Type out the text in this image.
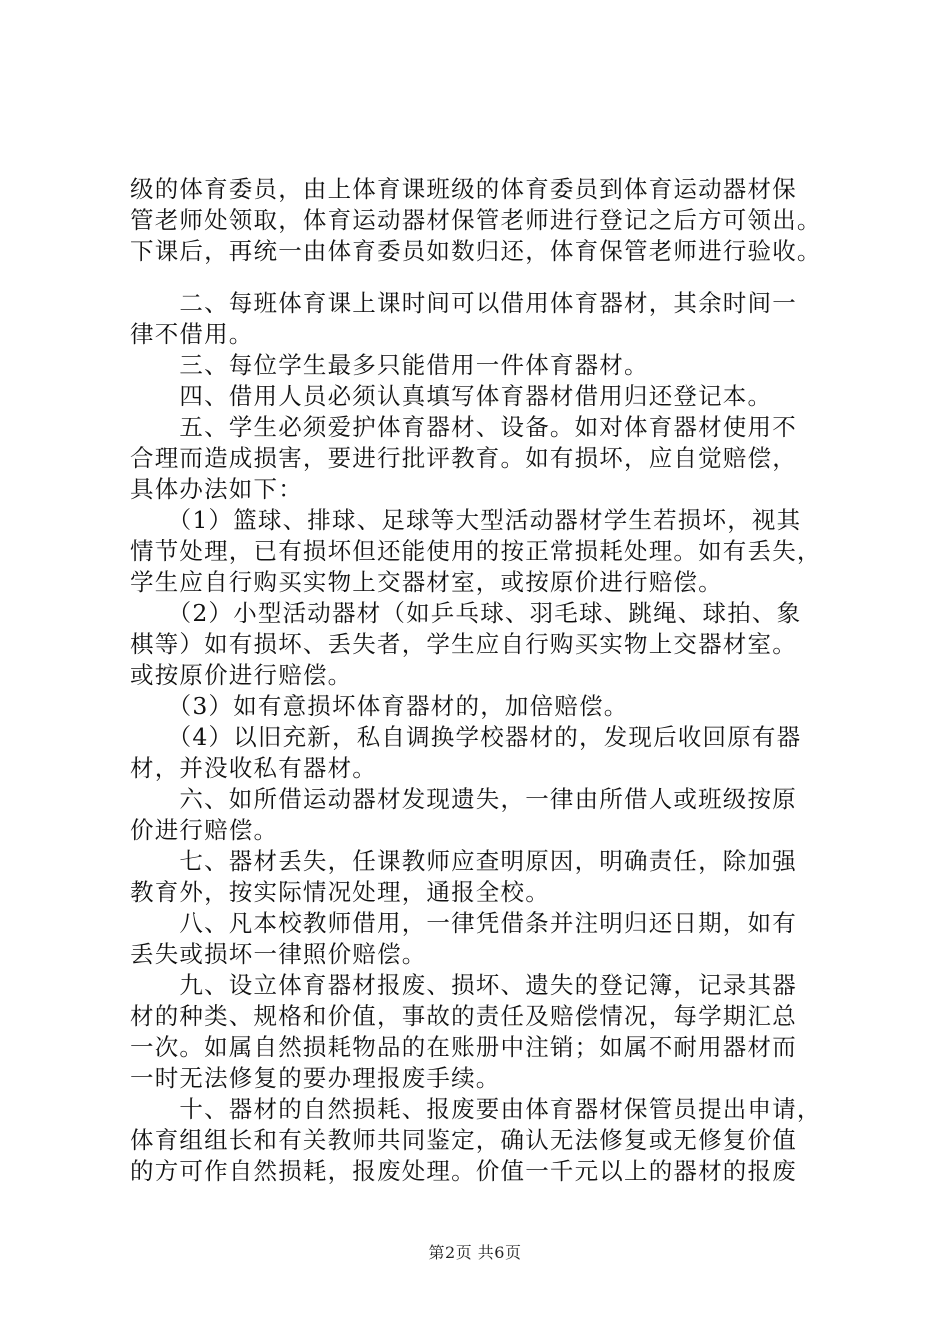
级的体育委员，由上体育课班级的体育委员到体育运动器材保
管老师处领取，体育运动器材保管老师进行登记之后方可领出。
下课后，再统一由体育委员如数归还，体育保管老师进行验收。
　　二、每班体育课上课时间可以借用体育器材，其余时间一
律不借用。
　　三、每位学生最多只能借用一件体育器材。
　　四、借用人员必须认真填写体育器材借用归还登记本。
　　五、学生必须爱护体育器材、设备。如对体育器材使用不
合理而造成损害，要进行批评教育。如有损坏，应自觉赔偿，
具体办法如下：
　　（1）篮球、排球、足球等大型活动器材学生若损坏，视其
情节处理，已有损坏但还能使用的按正常损耗处理。如有丢失，
学生应自行购买实物上交器材室，或按原价进行赔偿。
　　（2）小型活动器材（如乒乓球、羽毛球、跳绳、球拍、象
棋等）如有损坏、丢失者，学生应自行购买实物上交器材室。
或按原价进行赔偿。
　　（3）如有意损坏体育器材的，加倍赔偿。
　　（4）以旧充新，私自调换学校器材的，发现后收回原有器
材，并没收私有器材。
　　六、如所借运动器材发现遗失，一律由所借人或班级按原
价进行赔偿。
　　七、器材丢失，任课教师应查明原因，明确责任，除加强
教育外，按实际情况处理，通报全校。
　　八、凡本校教师借用，一律凭借条并注明归还日期，如有
丢失或损坏一律照价赔偿。
　　九、设立体育器材报废、损坏、遗失的登记簿，记录其器
材的种类、规格和价值，事故的责任及赔偿情况，每学期汇总
一次。如属自然损耗物品的在账册中注销；如属不耐用器材而
一时无法修复的要办理报废手续。
　　十、器材的自然损耗、报废要由体育器材保管员提出申请，
体育组组长和有关教师共同鉴定，确认无法修复或无修复价值
的方可作自然损耗，报废处理。价值一千元以上的器材的报废
第2页 共6页
